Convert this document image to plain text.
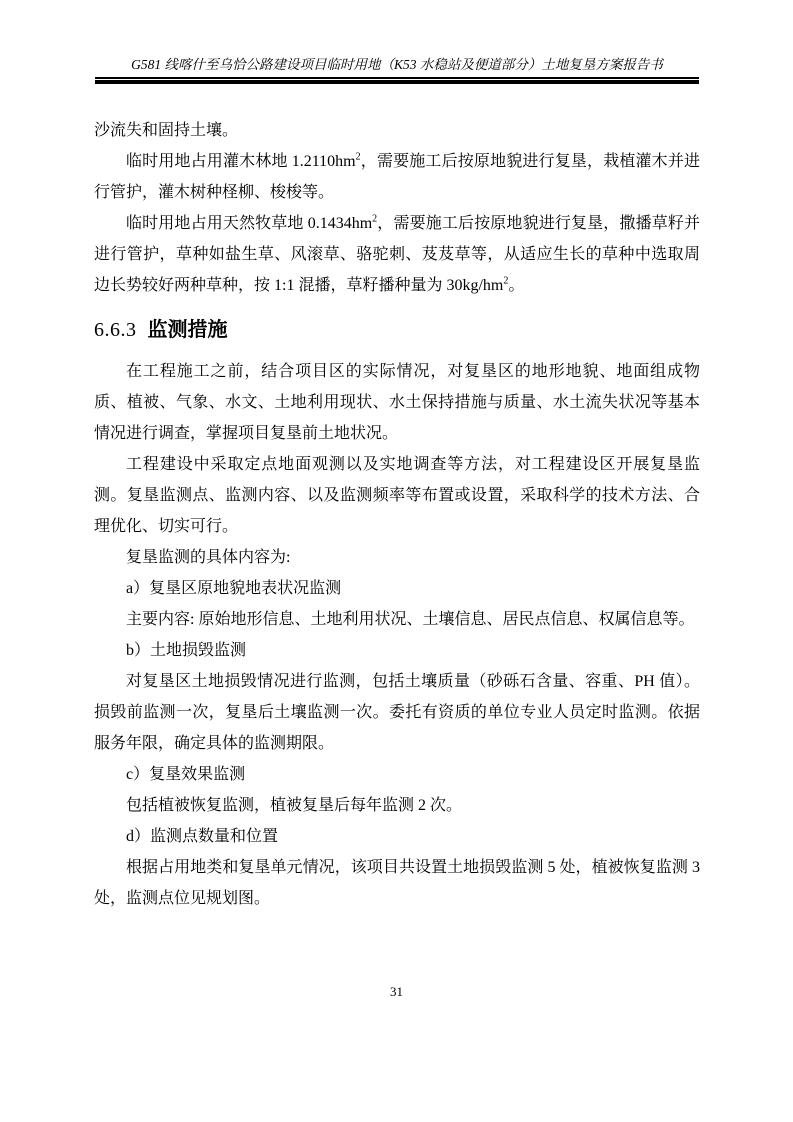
G581 线喀什至乌恰公路建设项目临时用地（K53 水稳站及便道部分）土地复垦方案报告书

沙流失和固持土壤。

临时用地占用灌木林地 $1.2110hm^2$，需要施工后按原地貌进行复垦，栽植灌木并进行管护，灌木树种柽柳、梭梭等。

临时用地占用天然牧草地 $0.1434hm^2$，需要施工后按原地貌进行复垦，撒播草籽并进行管护，草种如盐生草、风滚草、骆驼刺、芨芨草等，从适应生长的草种中选取周边长势较好两种草种，按 1:1 混播，草籽播种量为 $30kg/hm^2$。

6.6.3 监测措施

在工程施工之前，结合项目区的实际情况，对复垦区的地形地貌、地面组成物质、植被、气象、水文、土地利用现状、水土保持措施与质量、水土流失状况等基本情况进行调查，掌握项目复垦前土地状况。

工程建设中采取定点地面观测以及实地调查等方法，对工程建设区开展复垦监测。复垦监测点、监测内容、以及监测频率等布置或设置，采取科学的技术方法、合理优化、切实可行。

复垦监测的具体内容为:

a）复垦区原地貌地表状况监测

主要内容: 原始地形信息、土地利用状况、土壤信息、居民点信息、权属信息等。

b）土地损毁监测

对复垦区土地损毁情况进行监测，包括土壤质量（砂砾石含量、容重、PH 值）。损毁前监测一次，复垦后土壤监测一次。委托有资质的单位专业人员定时监测。依据服务年限，确定具体的监测期限。

c）复垦效果监测

包括植被恢复监测，植被复垦后每年监测 2 次。

d）监测点数量和位置

根据占用地类和复垦单元情况，该项目共设置土地损毁监测 5 处，植被恢复监测 3 处，监测点位见规划图。

31
